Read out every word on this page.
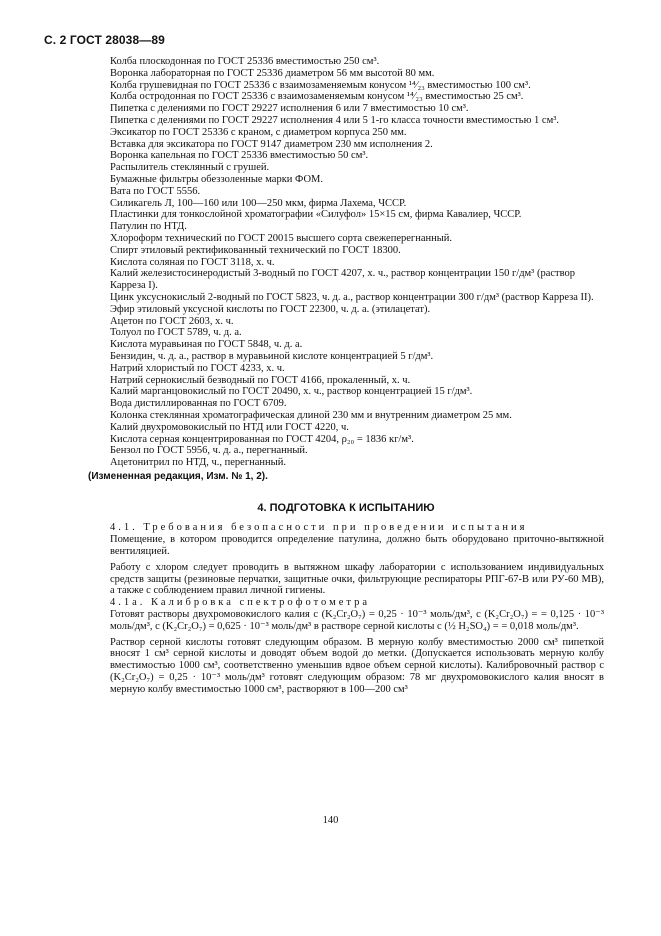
С. 2 ГОСТ 28038—89

Колба плоскодонная по ГОСТ 25336 вместимостью 250 см³.

Воронка лабораторная по ГОСТ 25336 диаметром 56 мм высотой 80 мм.

Колба грушевидная по ГОСТ 25336 с взаимозаменяемым конусом ¹⁴⁄₂₃ вместимостью 100 см³.

Колба остродонная по ГОСТ 25336 с взаимозаменяемым конусом ¹⁴⁄₂₃ вместимостью 25 см³.

Пипетка с делениями по ГОСТ 29227 исполнения 6 или 7 вместимостью 10 см³.

Пипетка с делениями по ГОСТ 29227 исполнения 4 или 5 1-го класса точности вместимостью 1 см³.

Эксикатор по ГОСТ 25336 с краном, с диаметром корпуса 250 мм.

Вставка для эксикатора по ГОСТ 9147 диаметром 230 мм исполнения 2.

Воронка капельная по ГОСТ 25336 вместимостью 50 см³.

Распылитель стеклянный с грушей.

Бумажные фильтры обеззоленные марки ФОМ.

Вата по ГОСТ 5556.

Силикагель Л, 100—160 или 100—250 мкм, фирма Лахема, ЧССР.

Пластинки для тонкослойной хроматографии «Силуфол» 15×15 см, фирма Кавалиер, ЧССР.

Патулин по НТД.

Хлороформ технический по ГОСТ 20015 высшего сорта свежеперегнанный.

Спирт этиловый ректификованный технический по ГОСТ 18300.

Кислота соляная по ГОСТ 3118, х. ч.

Калий железистосинеродистый 3-водный по ГОСТ 4207, х. ч., раствор концентрации 150 г/дм³ (раствор Карреза I).

Цинк уксуснокислый 2-водный по ГОСТ 5823, ч. д. а., раствор концентрации 300 г/дм³ (раствор Карреза II).

Эфир этиловый уксусной кислоты по ГОСТ 22300, ч. д. а. (этилацетат).

Ацетон по ГОСТ 2603, х. ч.

Толуол по ГОСТ 5789, ч. д. а.

Кислота муравьиная по ГОСТ 5848, ч. д. а.

Бензидин, ч. д. а., раствор в муравьиной кислоте концентрацией 5 г/дм³.

Натрий хлористый по ГОСТ 4233, х. ч.

Натрий сернокислый безводный по ГОСТ 4166, прокаленный, х. ч.

Калий марганцовокислый по ГОСТ 20490, х. ч., раствор концентрацией 15 г/дм³.

Вода дистиллированная по ГОСТ 6709.

Колонка стеклянная хроматографическая длиной 230 мм и внутренним диаметром 25 мм.

Калий двухромовокислый по НТД или ГОСТ 4220, ч.

Кислота серная концентрированная по ГОСТ 4204, ρ₂₀ = 1836 кг/м³.

Бензол по ГОСТ 5956, ч. д. а., перегнанный.

Ацетонитрил по НТД, ч., перегнанный.

(Измененная редакция, Изм. № 1, 2).

4. ПОДГОТОВКА К ИСПЫТАНИЮ

4.1. Требования безопасности при проведении испытания

Помещение, в котором проводится определение патулина, должно быть оборудовано приточно-вытяжной вентиляцией.

Работу с хлором следует проводить в вытяжном шкафу лаборатории с использованием индивидуальных средств защиты (резиновые перчатки, защитные очки, фильтрующие респираторы РПГ-67-В или РУ-60 МВ), а также с соблюдением правил личной гигиены.

4.1а. Калибровка спектрофотометра

Готовят растворы двухромовокислого калия c (K₂Cr₂O₇) = 0,25 · 10⁻³ моль/дм³, c (K₂Cr₂O₇) = = 0,125 · 10⁻³ моль/дм³, c (K₂Cr₂O₇) = 0,625 · 10⁻³ моль/дм³ в растворе серной кислоты c (½ H₂SO₄) = = 0,018 моль/дм³.

Раствор серной кислоты готовят следующим образом. В мерную колбу вместимостью 2000 см³ пипеткой вносят 1 см³ серной кислоты и доводят объем водой до метки. (Допускается использовать мерную колбу вместимостью 1000 см³, соответственно уменьшив вдвое объем серной кислоты). Калибровочный раствор c (K₂Cr₂O₇) = 0,25 · 10⁻³ моль/дм³ готовят следующим образом: 78 мг двухромовокислого калия вносят в мерную колбу вместимостью 1000 см³, растворяют в 100—200 см³

140
